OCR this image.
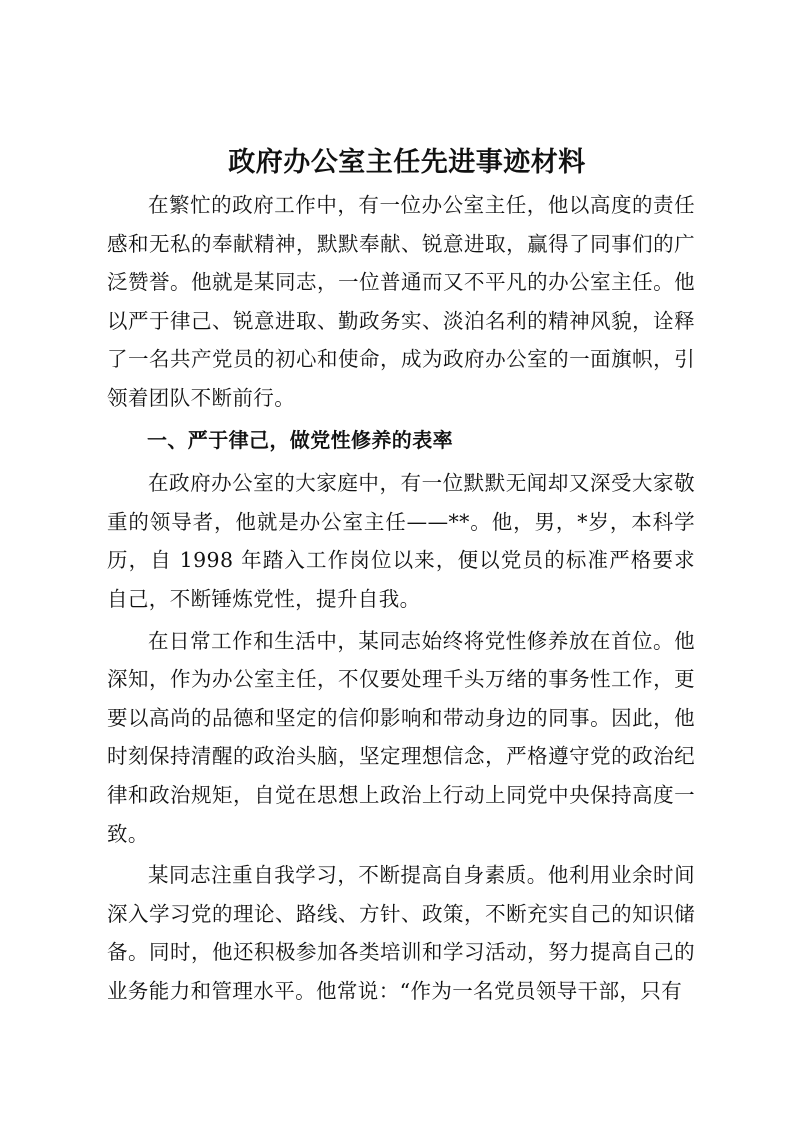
政府办公室主任先进事迹材料

在繁忙的政府工作中，有一位办公室主任，他以高度的责任感和无私的奉献精神，默默奉献、锐意进取，赢得了同事们的广泛赞誉。他就是某同志，一位普通而又不平凡的办公室主任。他以严于律己、锐意进取、勤政务实、淡泊名利的精神风貌，诠释了一名共产党员的初心和使命，成为政府办公室的一面旗帜，引领着团队不断前行。

一、严于律己，做党性修养的表率

在政府办公室的大家庭中，有一位默默无闻却又深受大家敬重的领导者，他就是办公室主任——**。他，男，*岁，本科学历，自 1998 年踏入工作岗位以来，便以党员的标准严格要求自己，不断锤炼党性，提升自我。

在日常工作和生活中，某同志始终将党性修养放在首位。他深知，作为办公室主任，不仅要处理千头万绪的事务性工作，更要以高尚的品德和坚定的信仰影响和带动身边的同事。因此，他时刻保持清醒的政治头脑，坚定理想信念，严格遵守党的政治纪律和政治规矩，自觉在思想上政治上行动上同党中央保持高度一致。

某同志注重自我学习，不断提高自身素质。他利用业余时间深入学习党的理论、路线、方针、政策，不断充实自己的知识储备。同时，他还积极参加各类培训和学习活动，努力提高自己的业务能力和管理水平。他常说：“作为一名党员领导干部，只有
